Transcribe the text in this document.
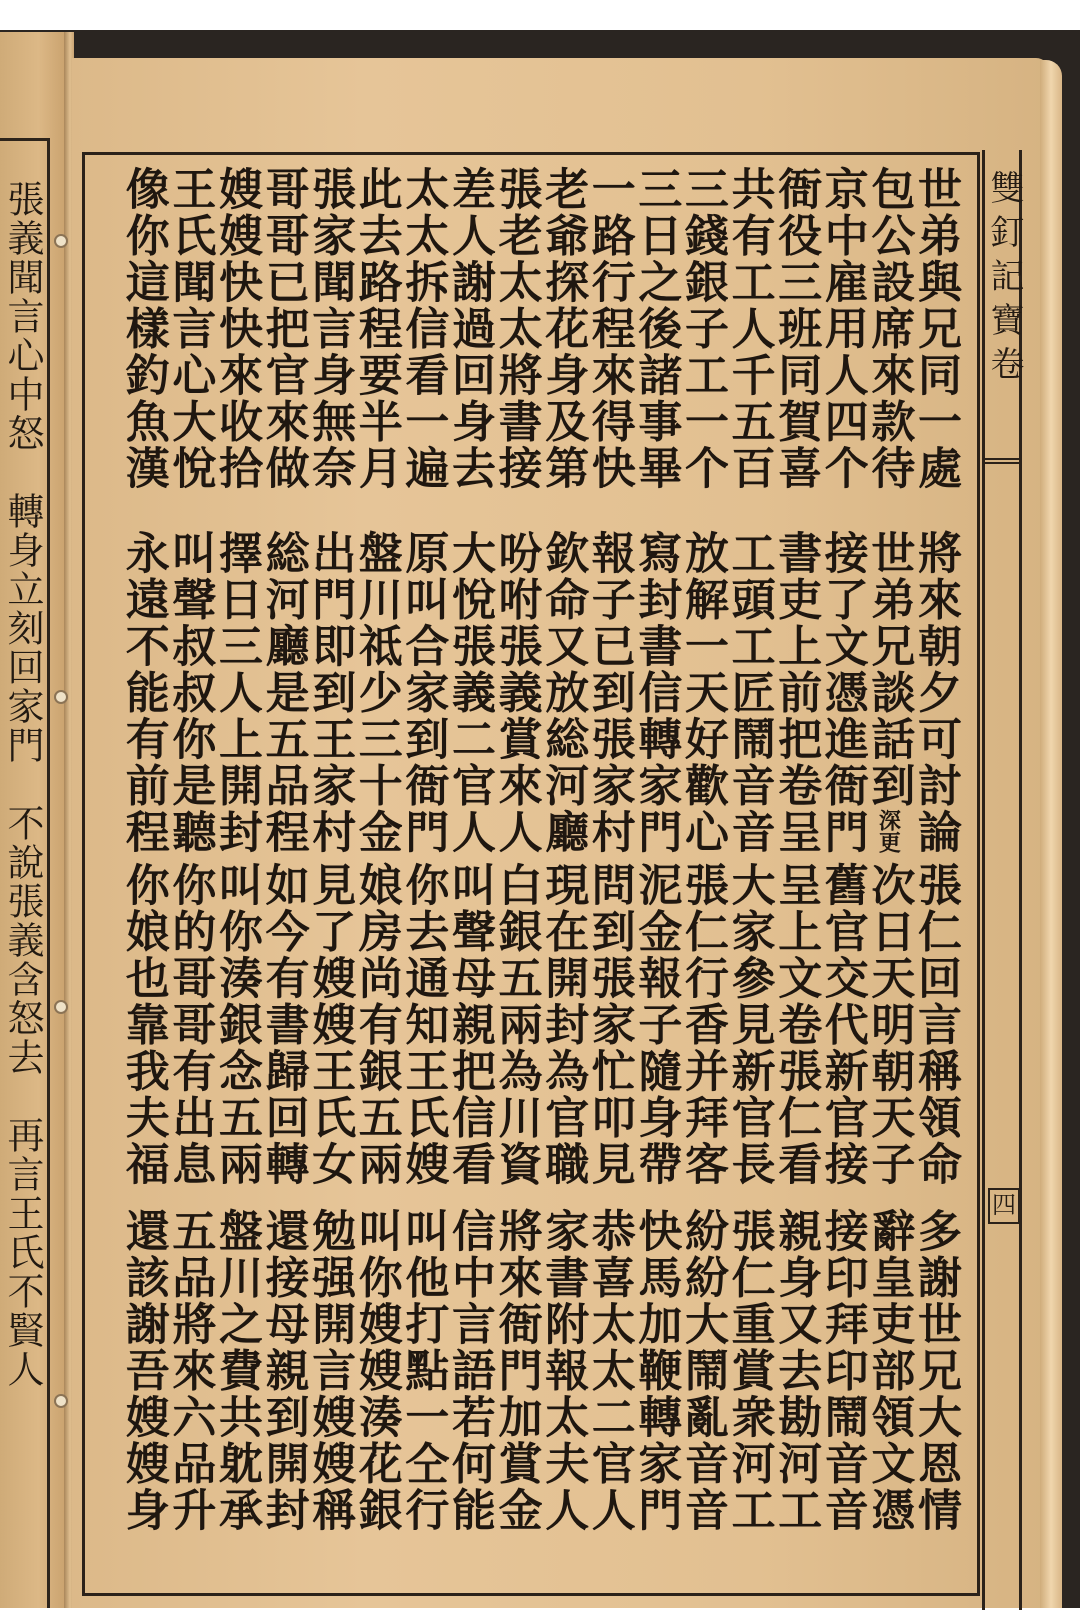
張義聞言心中怒　轉身立刻回家門　不說張義含怒去　再言王氏不賢人	雙釘記寶卷
四
世弟與兄同一處
包公設席來款待
京中雇用人四个
衙役三班同賀喜
共有工人千五百
三錢銀子工一个
三日之後諸事畢
一路行程來得快
老爺探花身及第
張老太太將書接
差人謝過回身去
太太拆信看一遍
此去路程要半月
張家聞言身無奈
哥哥已把官來做
嫂嫂快快來收拾
王氏聞言心大悅
像你這樣釣魚漢
將來朝夕可討論
世弟兄談話到深更
接了文憑進衙門
書吏上前把卷呈
工頭工匠鬧音音
放解一天好歡心
寫封書信轉家門
報子已到張家村
欽命又放総河廳
吩咐張義賞來人
大悅張義二官人
原叫合家到衙門
盤川祗少三十金
出門即到王家村
総河廳是五品程
擇日三人上開封
叫聲叔叔你是聽
永遠不能有前程
張仁回言稱領命
次日天明朝天子
舊官交代新官接
呈上文卷張仁看
大家參見新官長
張仁行香并拜客
泥金報子隨身帶
問到張家忙叩見
現在開封為官職
白銀五兩為川資
叫聲母親把信看
你去通知王氏嫂
娘房尚有銀五兩
見了嫂嫂王氏女
如今有書歸回轉
叫你湊銀念五兩
你的哥哥有出息
你娘也靠我夫福
多謝世兄大恩情
辭皇吏部領文憑
接印拜印鬧音音
親身又去勘河工
張仁重賞衆河工
紛紛大鬧亂音音
快馬加鞭轉家門
恭喜太太二官人
家書附報太夫人
將來衙門加賞金
信中言語若何能
叫他打點一仝行
叫你嫂嫂湊花銀
勉强開言嫂嫂稱
還接母親到開封
盤川之費共躭承
五品將來六品升
還該謝吾嫂嫂身
